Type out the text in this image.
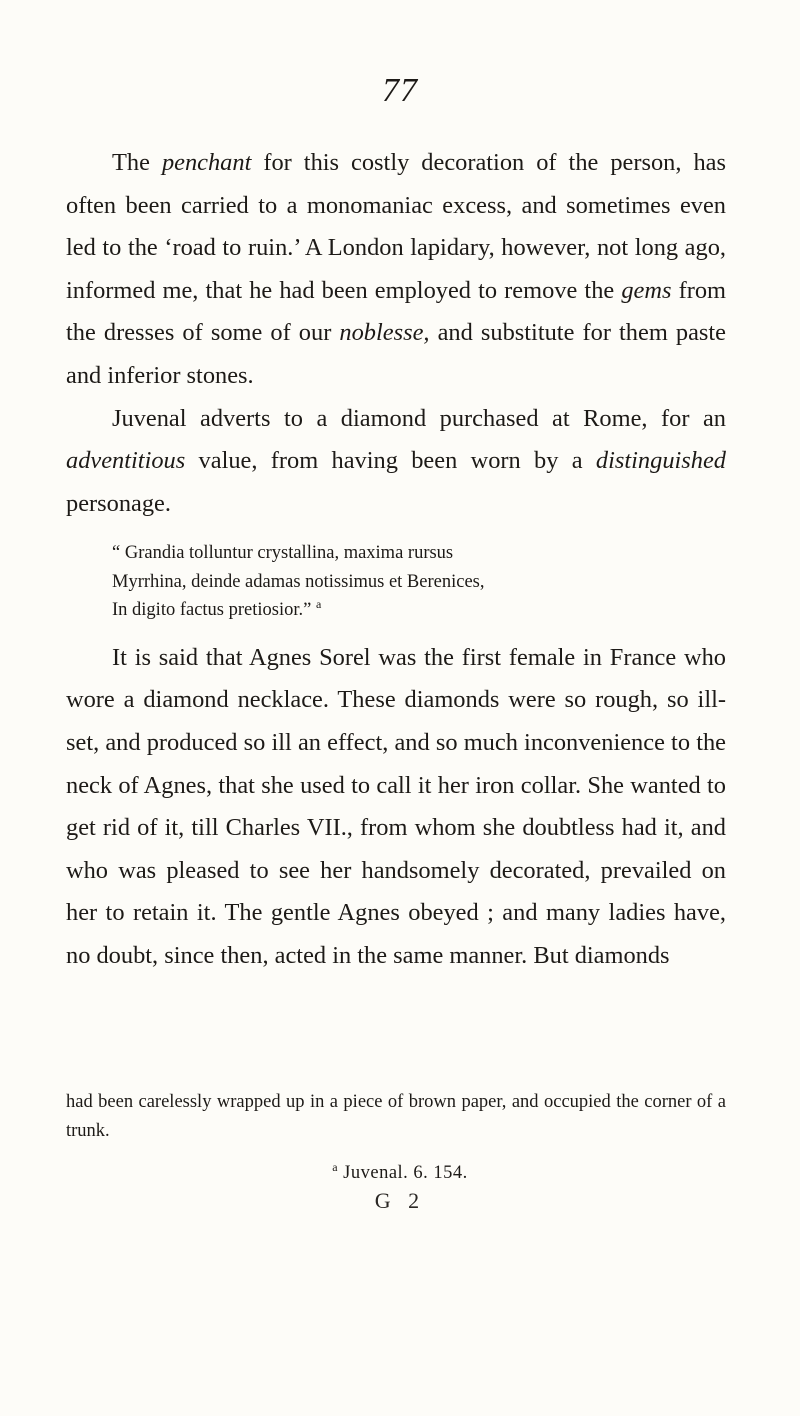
77

The penchant for this costly decoration of the person, has often been carried to a monomaniac excess, and sometimes even led to the ‘road to ruin.’ A London lapidary, however, not long ago, informed me, that he had been employed to remove the gems from the dresses of some of our noblesse, and substitute for them paste and inferior stones.

Juvenal adverts to a diamond purchased at Rome, for an adventitious value, from having been worn by a distinguished personage.

“ Grandia tolluntur crystallina, maxima rursus
Myrrhina, deinde adamas notissimus et Berenices,
In digito factus pretiosior.” $^a$

It is said that Agnes Sorel was the first female in France who wore a diamond necklace. These diamonds were so rough, so ill-set, and produced so ill an effect, and so much inconvenience to the neck of Agnes, that she used to call it her iron collar. She wanted to get rid of it, till Charles VII., from whom she doubtless had it, and who was pleased to see her handsomely decorated, prevailed on her to retain it. The gentle Agnes obeyed ; and many ladies have, no doubt, since then, acted in the same manner. But diamonds

had been carelessly wrapped up in a piece of brown paper, and occupied the corner of a trunk.
$^a$ Juvenal. 6. 154.
G 2
